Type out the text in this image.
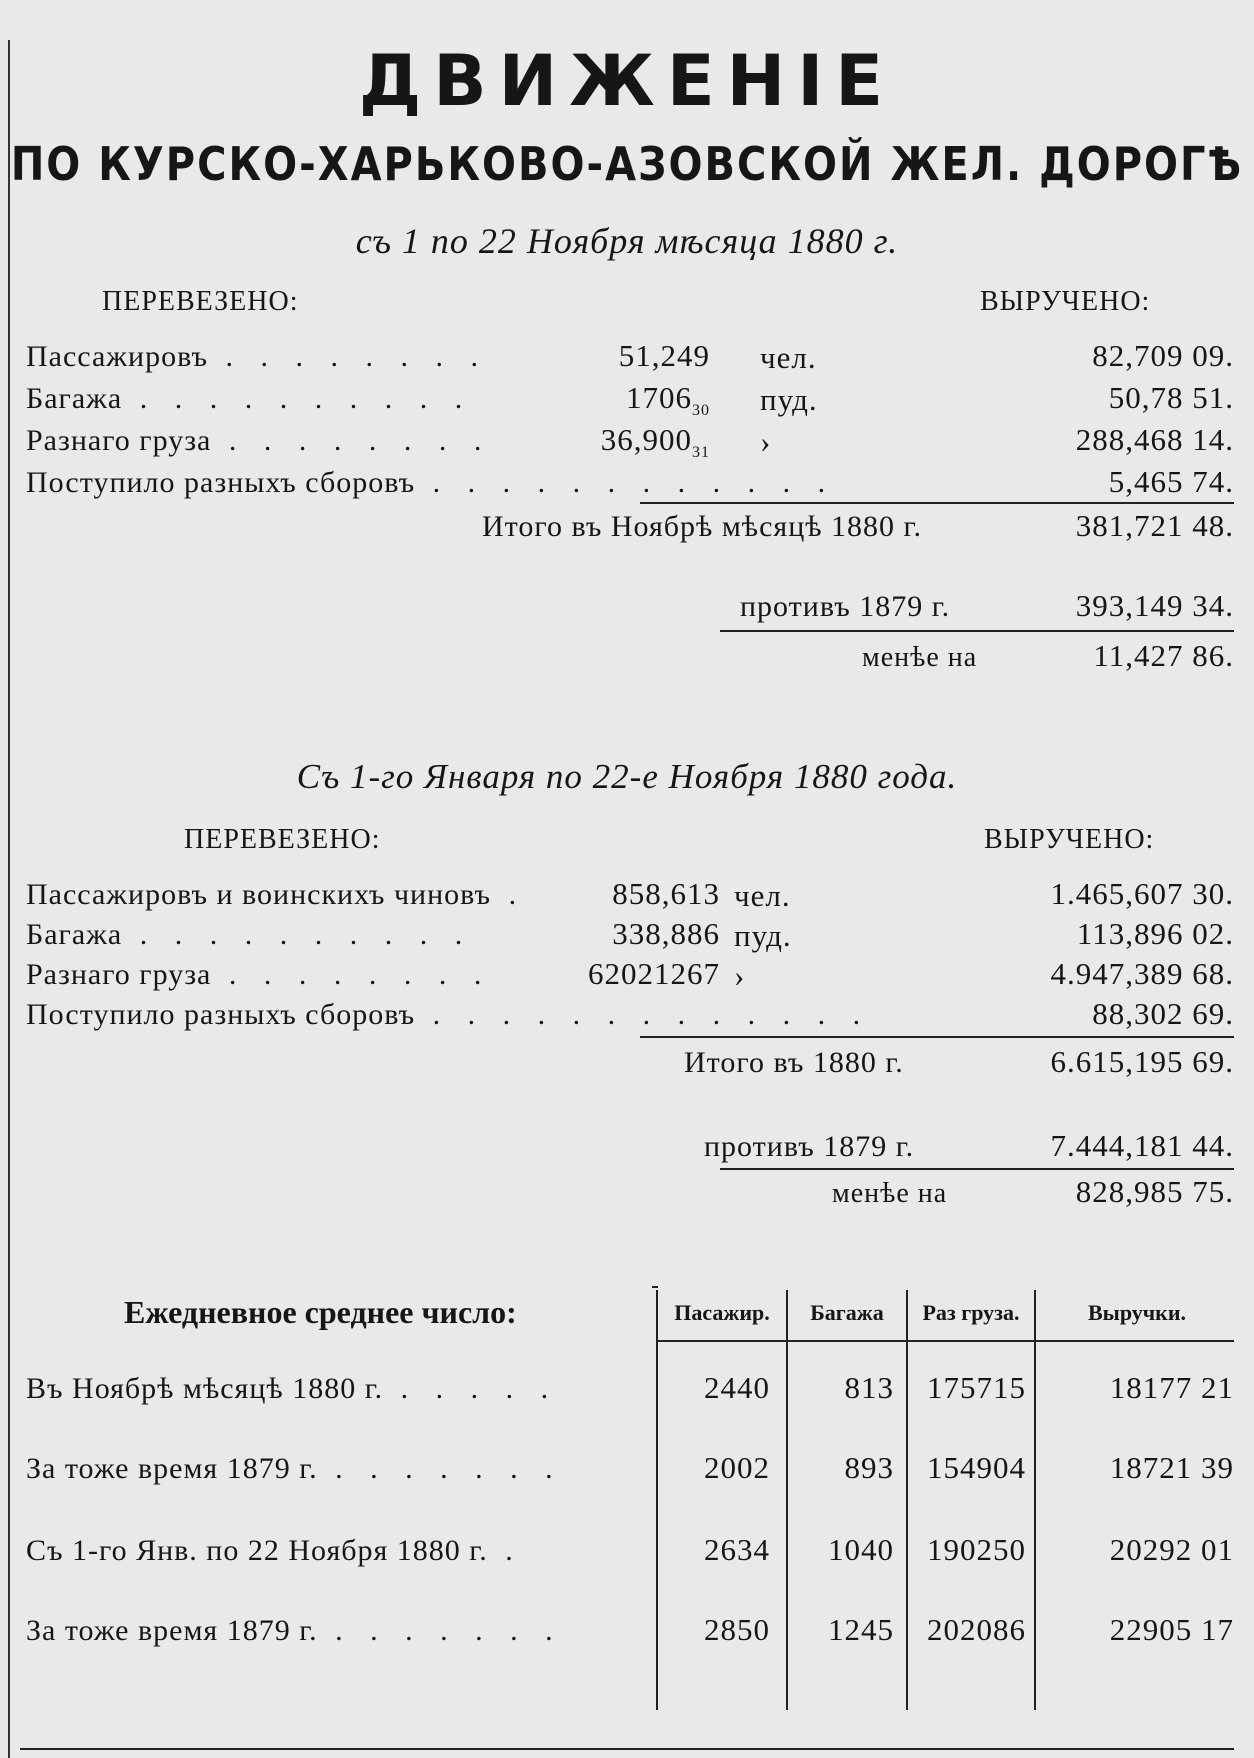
ДВИЖЕНІЕ
ПО КУРСКО-ХАРЬКОВО-АЗОВСКОЙ ЖЕЛ. ДОРОГѢ
съ 1 по 22 Ноября мѣсяца 1880 г.
ПЕРЕВЕЗЕНО:	ВЫРУЧЕНО:
Пассажировъ . . . . . . . .	51,249 чел.	82,709 09.
Багажа . . . . . . . . . .	$1706_{30}$ пуд.	50,78 51.
Разнаго груза . . . . . . . .	$36,900_{31}$ ›	288,468 14.
Поступило разныхъ сборовъ . . . . . . . . . . . .	5,465 74.
Итого въ Ноябрѣ мѣсяцѣ 1880 г.	381,721 48.
противъ 1879 г.	393,149 34.
менѣе на	11,427 86.
Съ 1-го Января по 22-е Ноября 1880 года.
ПЕРЕВЕЗЕНО:	ВЫРУЧЕНО:
Пассажировъ и воинскихъ чиновъ .	858,613 чел.	1.465,607 30.
Багажа . . . . . . . . . .	338,886 пуд.	113,896 02.
Разнаго груза . . . . . . . .	62021267 ›	4.947,389 68.
Поступило разныхъ сборовъ . . . . . . . . . . . . .	88,302 69.
Итого въ 1880 г.	6.615,195 69.
противъ 1879 г.	7.444,181 44.
менѣе на	828,985 75.
Ежедневное среднее число:	Пасажир.	Багажа	Раз груза.	Выручки.
Въ Ноябрѣ мѣсяцѣ 1880 г. . . . . .	2440	813	175715	18177 21
За тоже время 1879 г. . . . . . . .	2002	893	154904	18721 39
Съ 1-го Янв. по 22 Ноября 1880 г. .	2634	1040	190250	20292 01
За тоже время 1879 г. . . . . . . .	2850	1245	202086	22905 17
